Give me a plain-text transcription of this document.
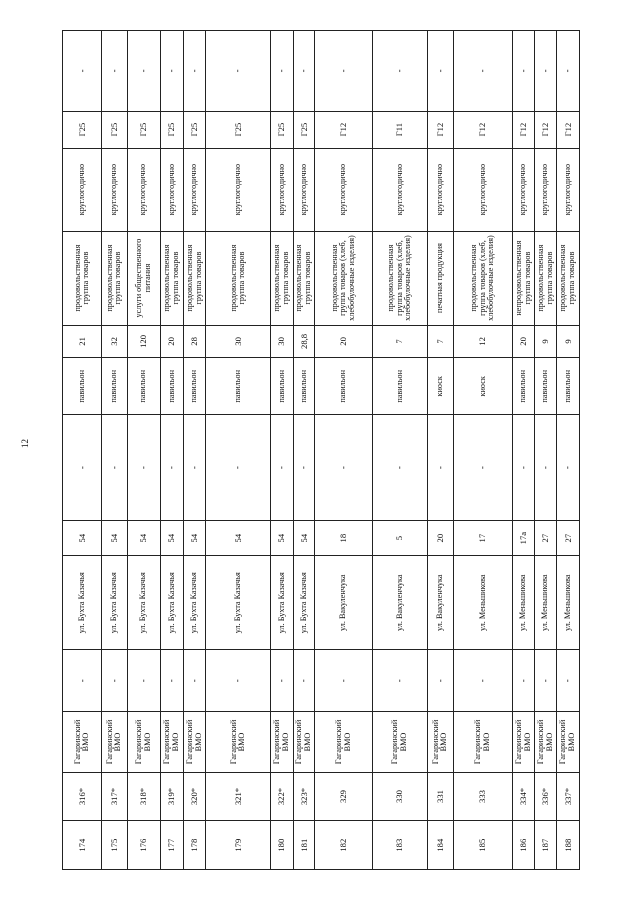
12
174	316*	Гагаринский ВМО	-	ул. Бухта Казачья	54	-	павильон	21	продовольственная группа товаров	круглогодично	Г25	-
175	317*	Гагаринский ВМО	-	ул. Бухта Казачья	54	-	павильон	32	продовольственная группа товаров	круглогодично	Г25	-
176	318*	Гагаринский ВМО	-	ул. Бухта Казачья	54	-	павильон	120	услуги общественного питания	круглогодично	Г25	-
177	319*	Гагаринский ВМО	-	ул. Бухта Казачья	54	-	павильон	20	продовольственная группа товаров	круглогодично	Г25	-
178	320*	Гагаринский ВМО	-	ул. Бухта Казачья	54	-	павильон	28	продовольственная группа товаров	круглогодично	Г25	-
179	321*	Гагаринский ВМО	-	ул. Бухта Казачья	54	-	павильон	30	продовольственная группа товаров	круглогодично	Г25	-
180	322*	Гагаринский ВМО	-	ул. Бухта Казачья	54	-	павильон	30	продовольственная группа товаров	круглогодично	Г25	-
181	323*	Гагаринский ВМО	-	ул. Бухта Казачья	54	-	павильон	28,8	продовольственная группа товаров	круглогодично	Г25	-
182	329	Гагаринский ВМО	-	ул. Вакуленчука	18	-	павильон	20	продовольственная группа товаров (хлеб, хлебобулочные изделия)	круглогодично	Г12	-
183	330	Гагаринский ВМО	-	ул. Вакуленчука	5	-	павильон	7	продовольственная группа товаров (хлеб, хлебобулочные изделия)	круглогодично	Г11	-
184	331	Гагаринский ВМО	-	ул. Вакуленчука	20	-	киоск	7	печатная продукция	круглогодично	Г12	-
185	333	Гагаринский ВМО	-	ул. Меньшикова	17	-	киоск	12	продовольственная группа товаров (хлеб, хлебобулочные изделия)	круглогодично	Г12	-
186	334*	Гагаринский ВМО	-	ул. Меньшикова	17а	-	павильон	20	непродовольственная группа товаров	круглогодично	Г12	-
187	336*	Гагаринский ВМО	-	ул. Меньшикова	27	-	павильон	9	продовольственная группа товаров	круглогодично	Г12	-
188	337*	Гагаринский ВМО	-	ул. Меньшикова	27	-	павильон	9	продовольственная группа товаров	круглогодично	Г12	-
